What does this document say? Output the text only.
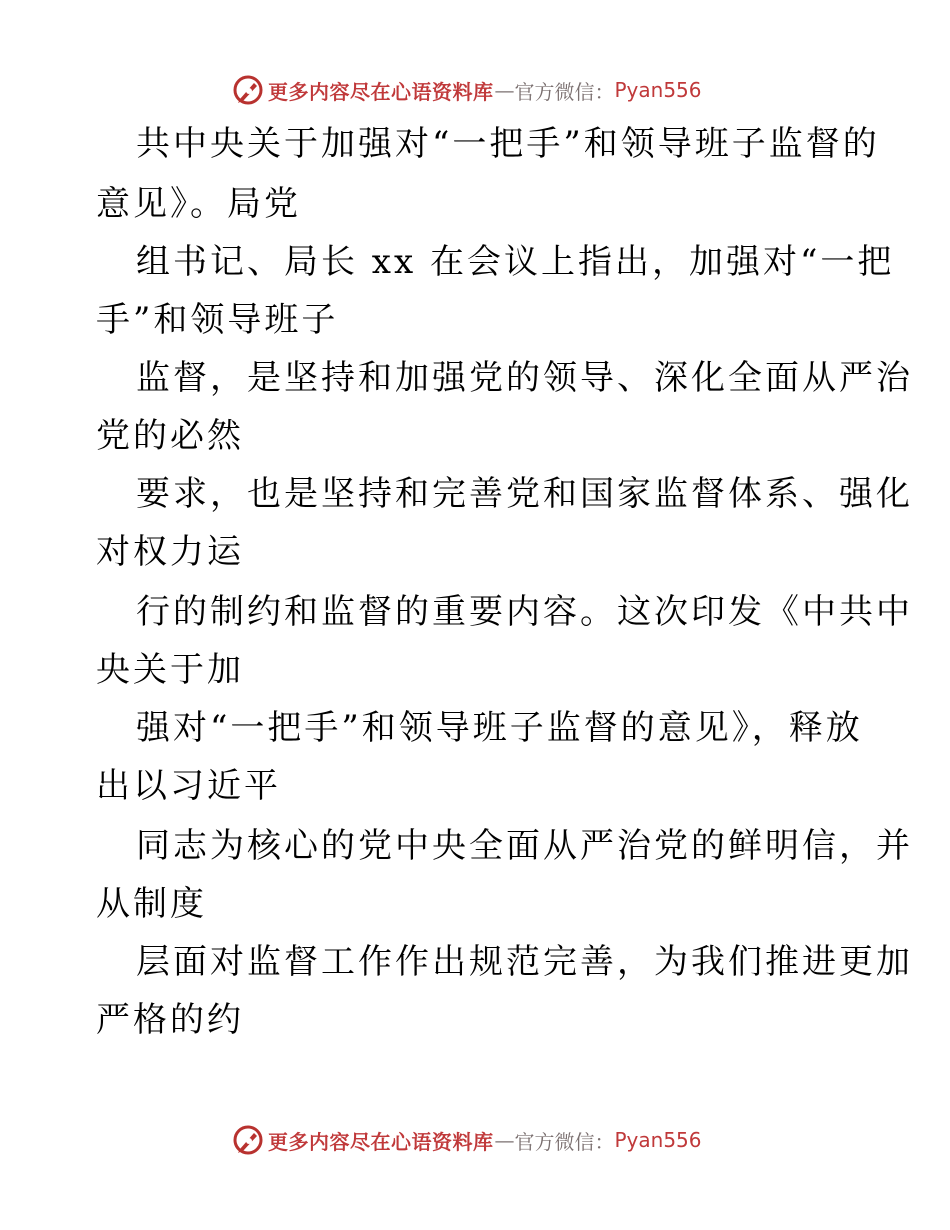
更多内容尽在心语资料库 — 官方微信： Pyan556
共中央关于加强对“一把手”和领导班子监督的
意见》。局党
组书记、局长 xx 在会议上指出，加强对“一把
手”和领导班子
监督，是坚持和加强党的领导、深化全面从严治
党的必然
要求，也是坚持和完善党和国家监督体系、强化
对权力运
行的制约和监督的重要内容。这次印发《中共中
央关于加
强对“一把手”和领导班子监督的意见》，释放
出以习近平
同志为核心的党中央全面从严治党的鲜明信，并
从制度
层面对监督工作作出规范完善，为我们推进更加
严格的约
更多内容尽在心语资料库 — 官方微信： Pyan556
